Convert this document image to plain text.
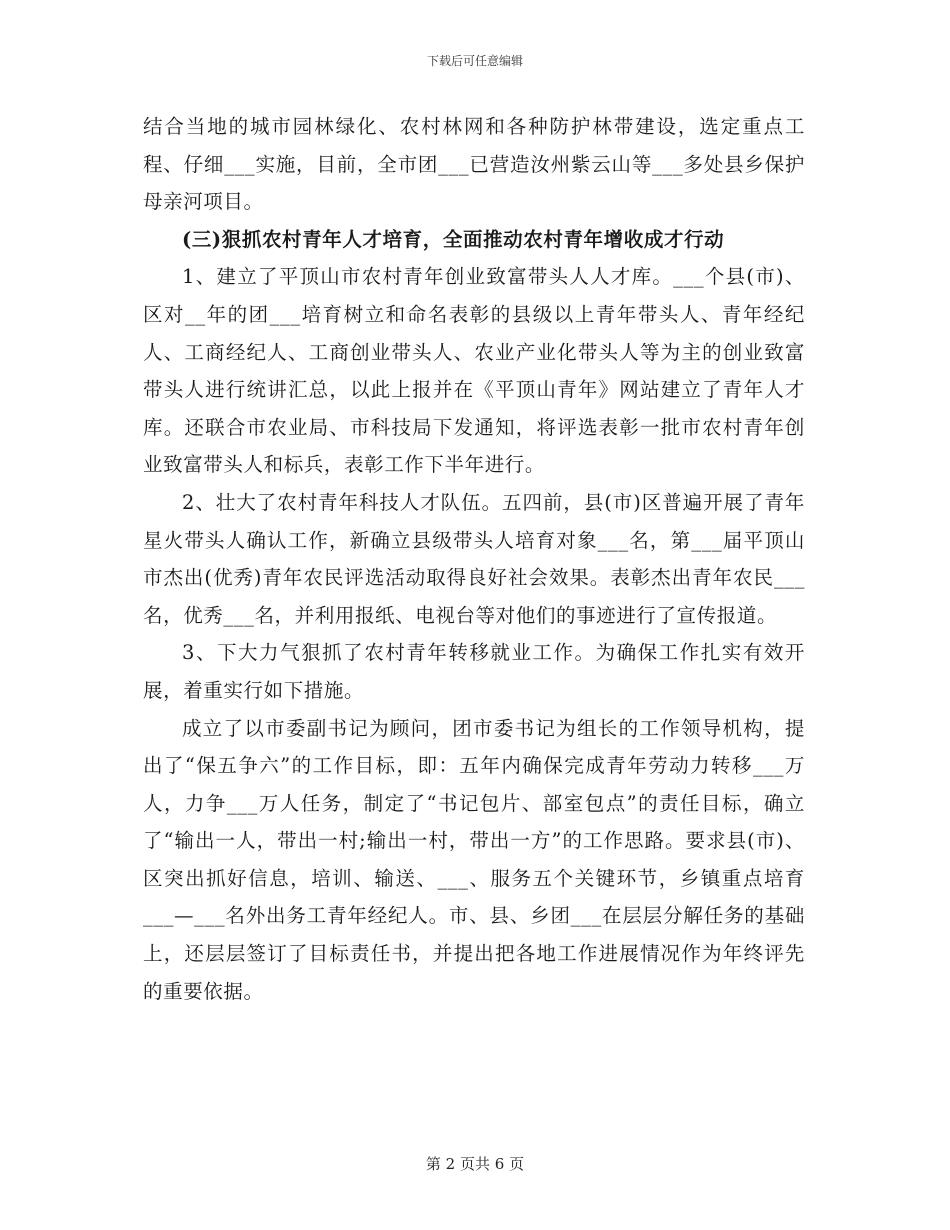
下载后可任意编辑

结合当地的城市园林绿化、农村林网和各种防护林带建设，选定重点工程、仔细___实施，目前，全市团___已营造汝州紫云山等___多处县乡保护母亲河项目。

(三)狠抓农村青年人才培育，全面推动农村青年增收成才行动

1、建立了平顶山市农村青年创业致富带头人人才库。___个县(市)、区对__年的团___培育树立和命名表彰的县级以上青年带头人、青年经纪人、工商经纪人、工商创业带头人、农业产业化带头人等为主的创业致富带头人进行统讲汇总，以此上报并在《平顶山青年》网站建立了青年人才库。还联合市农业局、市科技局下发通知，将评选表彰一批市农村青年创业致富带头人和标兵，表彰工作下半年进行。

2、壮大了农村青年科技人才队伍。五四前，县(市)区普遍开展了青年星火带头人确认工作，新确立县级带头人培育对象___名，第___届平顶山市杰出(优秀)青年农民评选活动取得良好社会效果。表彰杰出青年农民___名，优秀___名，并利用报纸、电视台等对他们的事迹进行了宣传报道。

3、下大力气狠抓了农村青年转移就业工作。为确保工作扎实有效开展，着重实行如下措施。

成立了以市委副书记为顾问，团市委书记为组长的工作领导机构，提出了“保五争六”的工作目标，即：五年内确保完成青年劳动力转移___万人，力争___万人任务，制定了“书记包片、部室包点”的责任目标，确立了“输出一人，带出一村;输出一村，带出一方”的工作思路。要求县(市)、区突出抓好信息，培训、输送、___、服务五个关键环节，乡镇重点培育___—___名外出务工青年经纪人。市、县、乡团___在层层分解任务的基础上，还层层签订了目标责任书，并提出把各地工作进展情况作为年终评先的重要依据。

第 2 页共 6 页
